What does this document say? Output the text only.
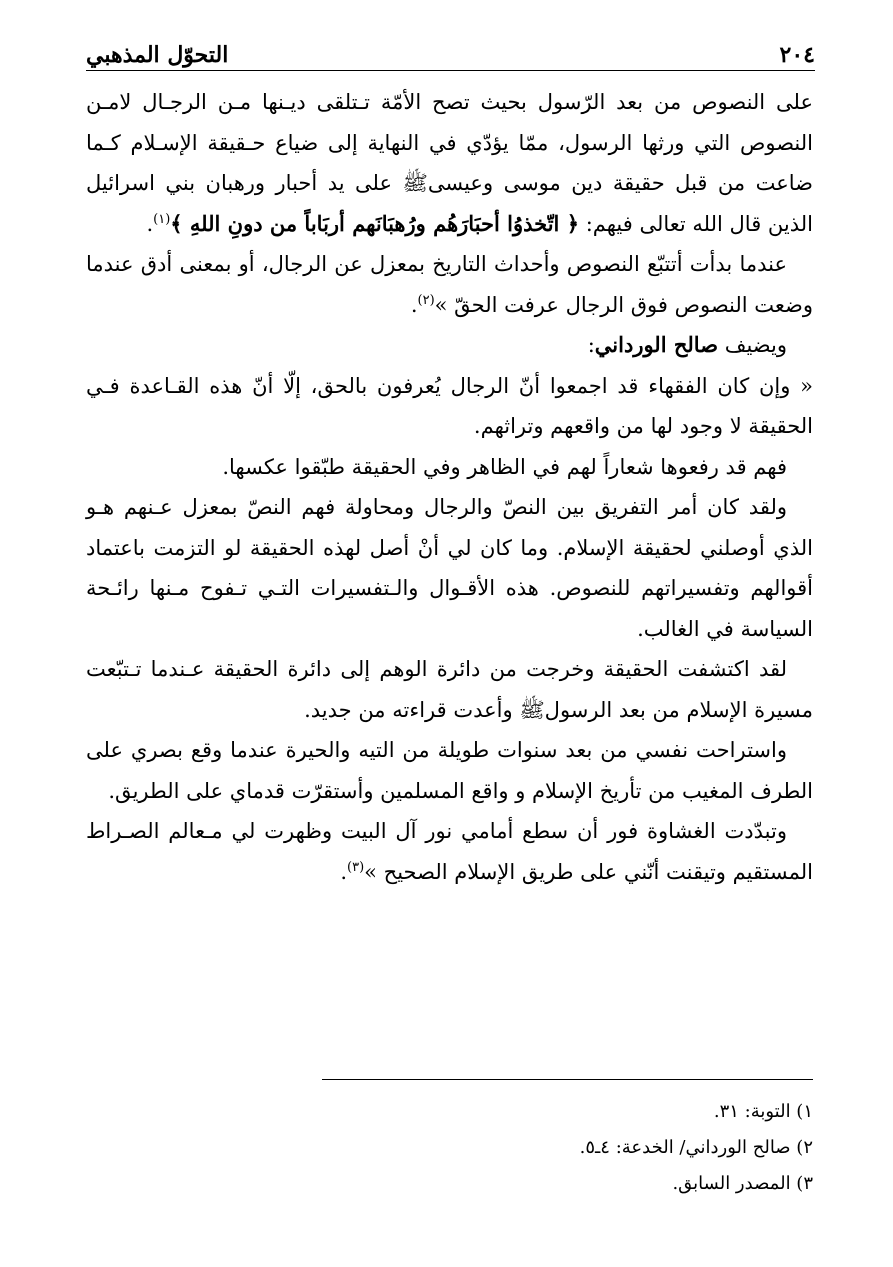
٢٠٤
التحوّل المذهبي

على النصوص من بعد الرّسول بحيث تصح الأمّة تـتلقى ديـنها مـن الرجـال لامـن النصوص التي ورثها الرسول، ممّا يؤدّي في النهاية إلى ضياع حـقيقة الإسـلام كـما ضاعت من قبل حقيقة دين موسى وعيسىﷺ على يد أحبار ورهبان بني اسرائيل الذين قال الله تعالى فيهم: ﴿ اتّخذوُا أحبَارَهُم ورُهبَانَهم أربَاباً من دونِ اللهِ ﴾$^{(١)}$.

عندما بدأت أتتبّع النصوص وأحداث التاريخ بمعزل عن الرجال، أو بمعنى أدق عندما وضعت النصوص فوق الرجال عرفت الحقّ »$^{(٢)}$.

ويضيف صالح الورداني:

« وإن كان الفقهاء قد اجمعوا أنّ الرجال يُعرفون بالحق، إلّا أنّ هذه القـاعدة فـي الحقيقة لا وجود لها من واقعهم وتراثهم.

فهم قد رفعوها شعاراً لهم في الظاهر وفي الحقيقة طبّقوا عكسها.

ولقد كان أمر التفريق بين النصّ والرجال ومحاولة فهم النصّ بمعزل عـنهم هـو الذي أوصلني لحقيقة الإسلام. وما كان لي أنْ أصل لهذه الحقيقة لو التزمت باعتماد أقوالهم وتفسيراتهم للنصوص. هذه الأقـوال والـتفسيرات التـي تـفوح مـنها رائـحة السياسة في الغالب.

لقد اكتشفت الحقيقة وخرجت من دائرة الوهم إلى دائرة الحقيقة عـندما تـتبّعت مسيرة الإسلام من بعد الرسولﷺ وأعدت قراءته من جديد.

واستراحت نفسي من بعد سنوات طويلة من التيه والحيرة عندما وقع بصري على الطرف المغيب من تأريخ الإسلام و واقع المسلمين وأستقرّت قدماي على الطريق.

وتبدّدت الغشاوة فور أن سطع أمامي نور آل البيت وظهرت لي مـعالم الصـراط المستقيم وتيقنت أنّني على طريق الإسلام الصحيح »$^{(٣)}$.

١) التوبة: ٣١.
٢) صالح الورداني/ الخدعة: ٤ـ٥.
٣) المصدر السابق.
